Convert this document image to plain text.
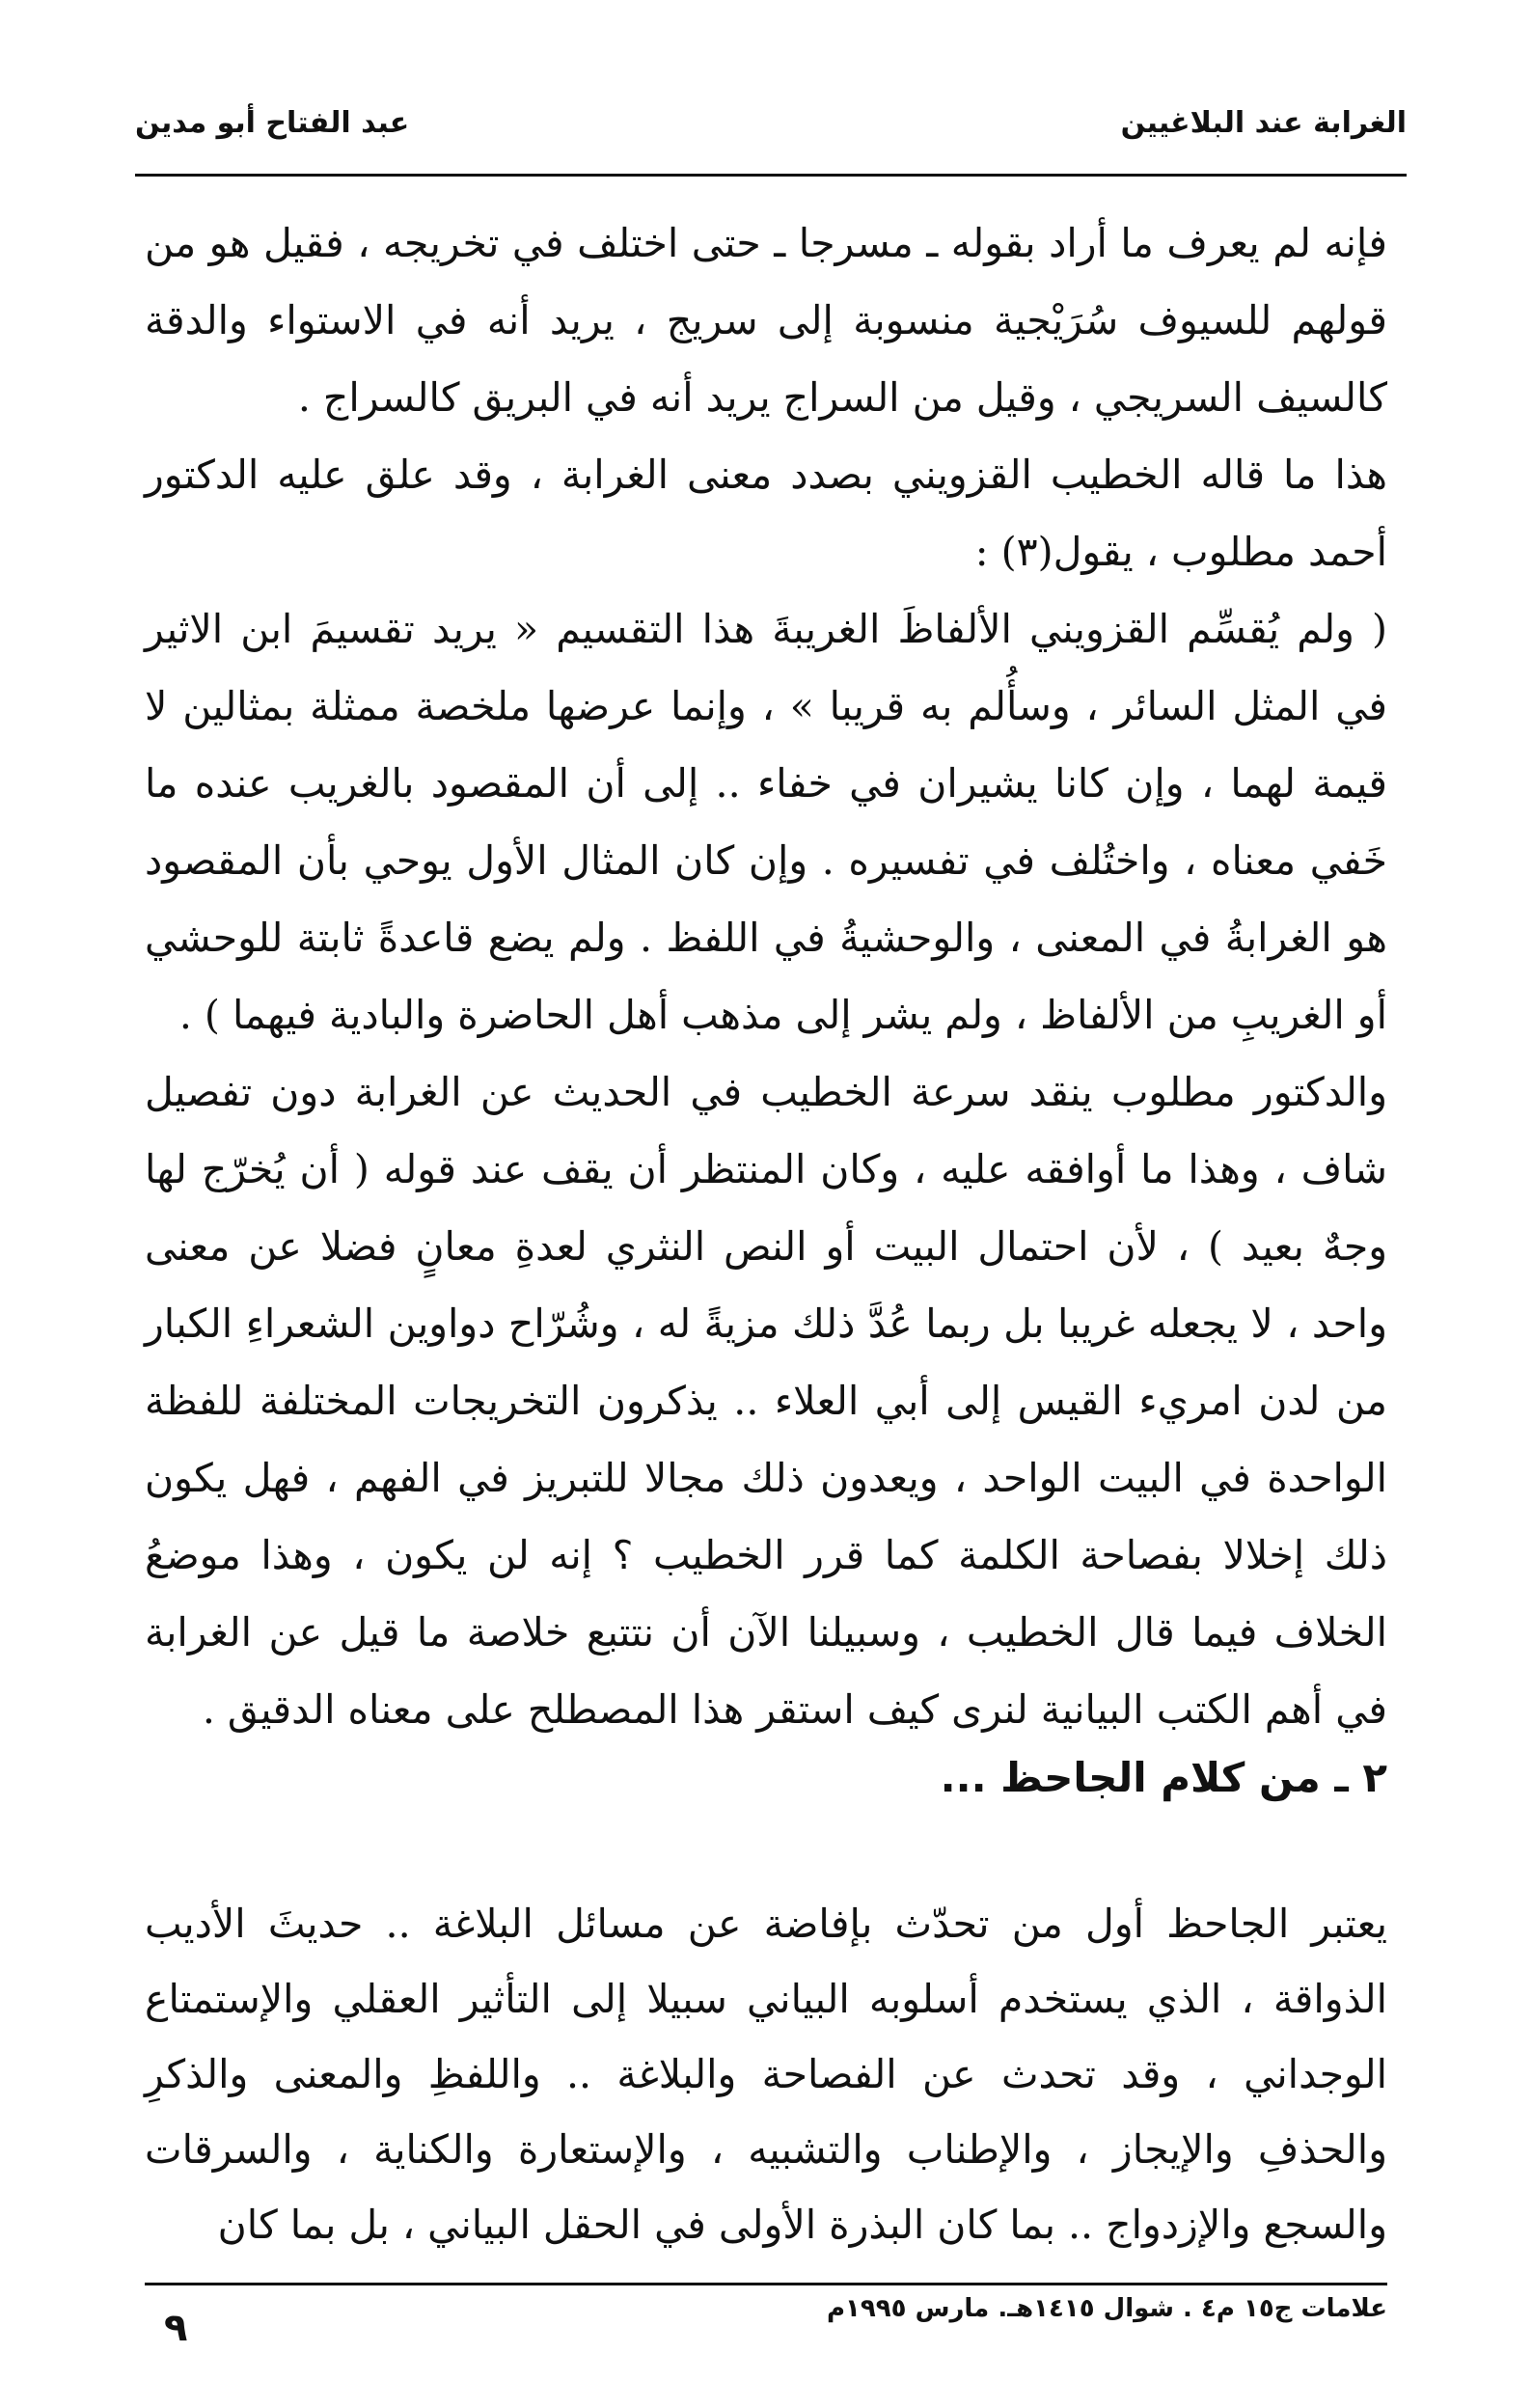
الغرابة عند البلاغيين
عبد الفتاح أبو مدين

فإنه لم يعرف ما أراد بقوله ـ مسرجا ـ حتى اختلف في تخريجه ، فقيل هو من قولهم للسيوف سُرَيْجية منسوبة إلى سريج ، يريد أنه في الاستواء والدقة كالسيف السريجي ، وقيل من السراج يريد أنه في البريق كالسراج .

هذا ما قاله الخطيب القزويني بصدد معنى الغرابة ، وقد علق عليه الدكتور أحمد مطلوب ، يقول(٣) :

( ولم يُقسِّم القزويني الألفاظَ الغريبةَ هذا التقسيم « يريد تقسيمَ ابن الاثير في المثل السائر ، وسأُلم به قريبا » ، وإنما عرضها ملخصة ممثلة بمثالين لا قيمة لهما ، وإن كانا يشيران في خفاء .. إلى أن المقصود بالغريب عنده ما خَفي معناه ، واختُلف في تفسيره . وإن كان المثال الأول يوحي بأن المقصود هو الغرابةُ في المعنى ، والوحشيةُ في اللفظ . ولم يضع قاعدةً ثابتة للوحشي أو الغريبِ من الألفاظ ، ولم يشر إلى مذهب أهل الحاضرة والبادية فيهما ) .

والدكتور مطلوب ينقد سرعة الخطيب في الحديث عن الغرابة دون تفصيل شاف ، وهذا ما أوافقه عليه ، وكان المنتظر أن يقف عند قوله ( أن يُخرّج لها وجهٌ بعيد ) ، لأن احتمال البيت أو النص النثري لعدةِ معانٍ فضلا عن معنى واحد ، لا يجعله غريبا بل ربما عُدَّ ذلك مزيةً له ، وشُرّاح دواوين الشعراءِ الكبار من لدن امريء القيس إلى أبي العلاء .. يذكرون التخريجات المختلفة للفظة الواحدة في البيت الواحد ، ويعدون ذلك مجالا للتبريز في الفهم ، فهل يكون ذلك إخلالا بفصاحة الكلمة كما قرر الخطيب ؟ إنه لن يكون ، وهذا موضعُ الخلاف فيما قال الخطيب ، وسبيلنا الآن أن نتتبع خلاصة ما قيل عن الغرابة في أهم الكتب البيانية لنرى كيف استقر هذا المصطلح على معناه الدقيق .

٢ ـ من كلام الجاحظ ...

يعتبر الجاحظ أول من تحدّث بإفاضة عن مسائل البلاغة .. حديثَ الأديب الذواقة ، الذي يستخدم أسلوبه البياني سبيلا إلى التأثير العقلي والإستمتاع الوجداني ، وقد تحدث عن الفصاحة والبلاغة .. واللفظِ والمعنى والذكرِ والحذفِ والإيجاز ، والإطناب والتشبيه ، والإستعارة والكناية ، والسرقات والسجع والإزدواج .. بما كان البذرة الأولى في الحقل البياني ، بل بما كان

علامات ج١٥ م٤ . شوال ١٤١٥هـ. مارس ١٩٩٥م
٩
